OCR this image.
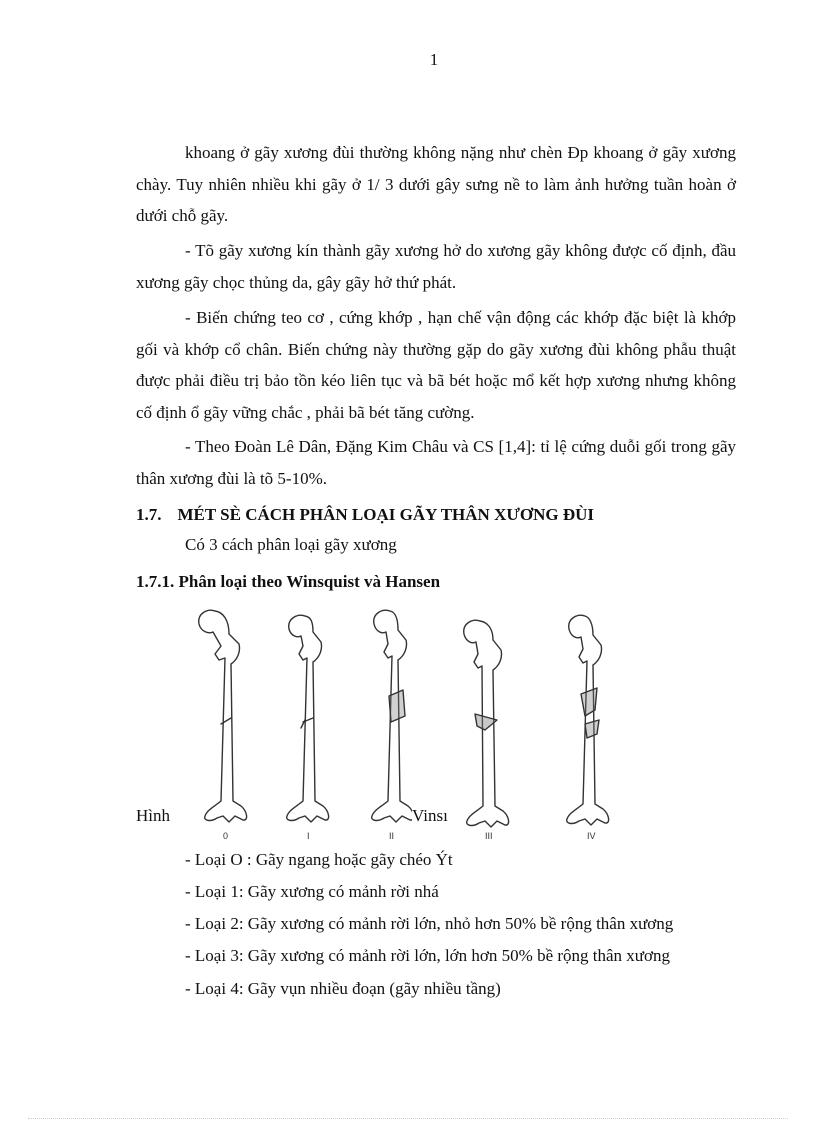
1

khoang ở gãy xương đùi thường không nặng như chèn Ðp khoang ở gãy xương chày. Tuy nhiên nhiều khi gãy ở 1/ 3 dưới gây sưng nề to làm ảnh hưởng tuần hoàn ở dưới chỗ gãy.

- Tõ gãy xương kín thành gãy xương hở do xương gãy không được cố định, đầu xương gãy chọc thủng da, gây gãy hở thứ phát.

- Biến chứng teo cơ , cứng khớp , hạn chế vận động các khớp đặc biệt là khớp gối và khớp cổ chân. Biến chứng này thường gặp do gãy xương đùi không phẫu thuật được phải điều trị bảo tồn kéo liên tục và bã bét hoặc mổ kết hợp xương nhưng không cố định ổ gãy vững chắc , phải bã bét tăng cường.

- Theo Đoàn Lê Dân, Đặng Kim Châu và CS [1,4]: tỉ lệ cứng duỗi gối trong gãy thân xương đùi là tõ 5-10%.

1.7. MÉT SÈ CÁCH PHÂN LOẠI GÃY THÂN XƯƠNG ĐÙI
Có 3 cách phân loại gãy xương
1.7.1. Phân loại theo Winsquist và Hansen
0	I	II	III	IV
Hình	Vinsı
- Loại O : Gãy ngang hoặc gãy chéo Ýt
- Loại 1: Gãy xương có mảnh rời nhá
- Loại 2: Gãy xương có mảnh rời lớn, nhỏ hơn 50% bề rộng thân xương
- Loại 3: Gãy xương có mảnh rời lớn, lớn hơn 50% bề rộng thân xương
- Loại 4: Gãy vụn nhiều đoạn (gãy nhiều tầng)
